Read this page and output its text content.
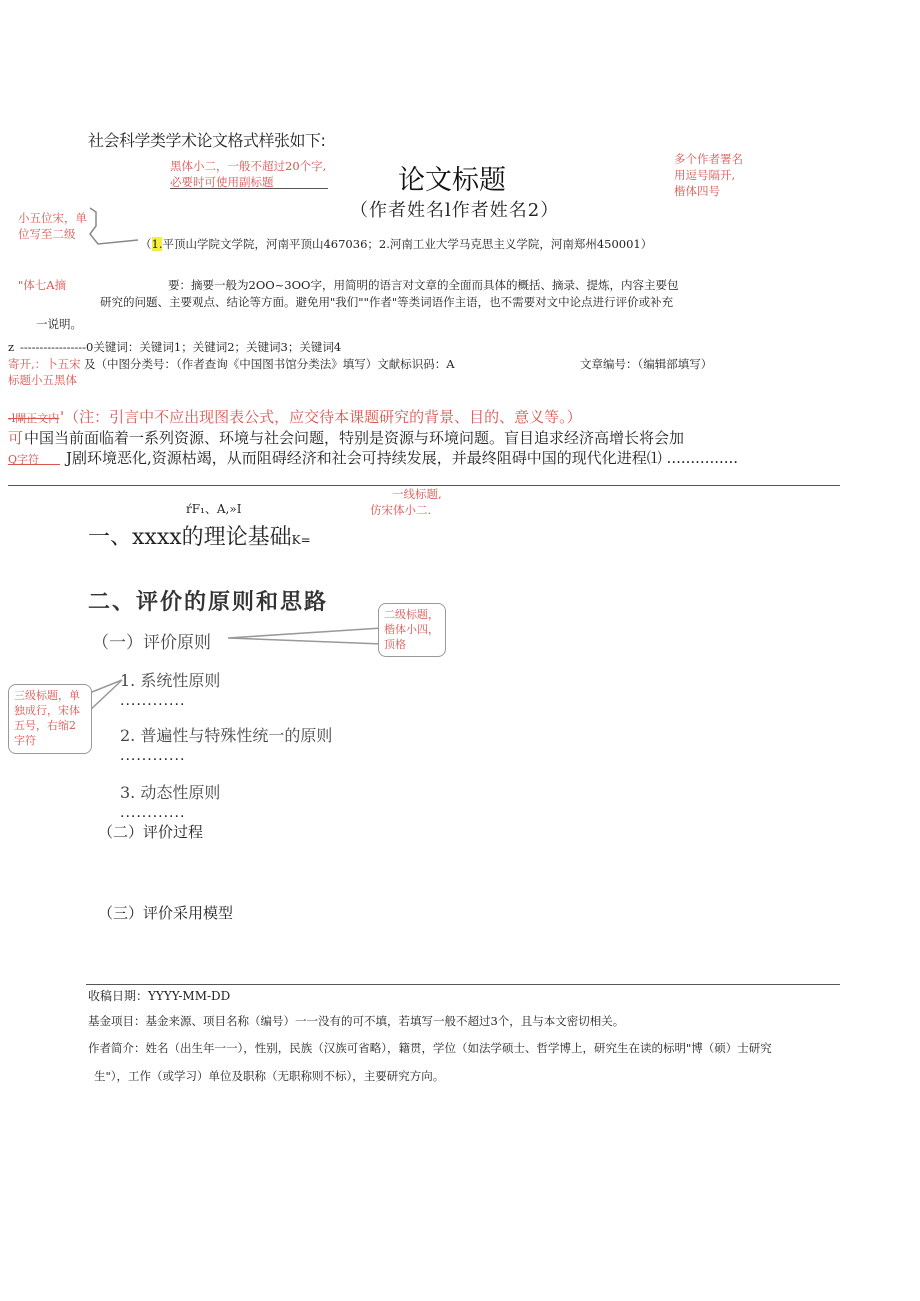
社会科学类学术论文格式样张如下:
黑体小二，一般不超过20个字,
必要时可使用副标题	论文标题
多个作者署名
用逗号隔开,
楷体四号
（作者姓名l作者姓名2）
小五位宋，单
位写至二级
（1.平顶山学院文学院，河南平顶山467036；2.河南工业大学马克思主义学院，河南郑州450001）
"体七A摘	要：摘要一般为2OO~3OO字，用简明的语言对文章的全面而具体的概括、摘录、提炼，内容主要包
研究的问题、主要观点、结论等方面。避免用"我们""作者"等类词语作主语，也不需要对文中论点进行评价或补充
一说明。
z -----------------0关键词：关键词1；关键词2；关键词3；关键词4
寄开,：卜五宋 及（中图分类号：（作者查询《中国图书馆分类法》填写）文献标识码：A	文章编号：（编辑部填写）
标题小五黑体
-l閘正文内 '（注：引言中不应出现图表公式，应交待本课题研究的背景、目的、意义等。）
可 中国当前面临着一系列资源、环境与社会问题，特别是资源与环境问题。盲目追求经济高增长将会加
Q字符 J剧环境恶化,资源枯竭，从而阻碍经济和社会可持续发展，并最终阻碍中国的现代化进程⑴ ...............
一线标题,
仿宋体小二.
ŕF₁、A,»I
一、xxxx的理论基础K=
二、评价的原则和思路
（一）评价原则
二级标题，楷体小四，顶格
1. 系统性原则
............
2. 普遍性与特殊性统一的原则
............
3. 动态性原则
............
三级标题，单独成行，宋体五号，右缩2字符
（二）评价过程
（三）评价采用模型
收稿日期：YYYY-MM-DD
基金项目：基金来源、项目名称（编号）一一没有的可不填，若填写一般不超过3个，且与本文密切相关。
作者简介：姓名（出生年一一），性别，民族（汉族可省略），籍贯，学位（如法学硕士、哲学博上，研究生在读的标明"博（硕）士研究
生"），工作（或学习）单位及职称（无职称则不标），主要研究方向。
